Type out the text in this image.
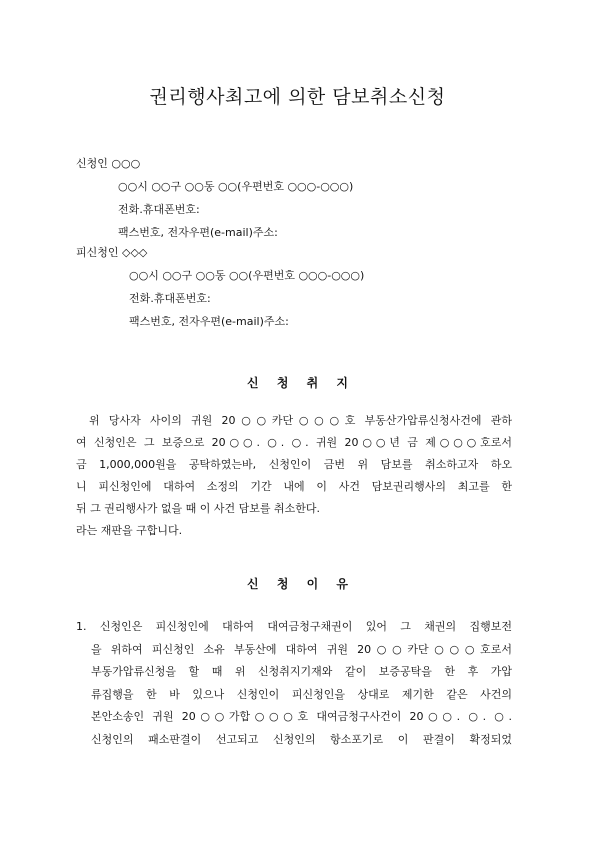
권리행사최고에 의한 담보취소신청
신청인 ○○○
○○시 ○○구 ○○동 ○○(우편번호 ○○○-○○○)
전화․휴대폰번호:
팩스번호, 전자우편(e-mail)주소:
피신청인 ◇◇◇
○○시 ○○구 ○○동 ○○(우편번호 ○○○-○○○)
전화․휴대폰번호:
팩스번호, 전자우편(e-mail)주소:
신 청 취 지
위 당사자 사이의 귀원 20○○카단○○○호 부동산가압류신청사건에 관하
여 신청인은 그 보증으로 20○○. ○. ○. 귀원 20○○년 금 제○○○호로서
금 1,000,000원을 공탁하였는바, 신청인이 금번 위 담보를 취소하고자 하오
니 피신청인에 대하여 소정의 기간 내에 이 사건 담보권리행사의 최고를 한
뒤 그 권리행사가 없을 때 이 사건 담보를 취소한다.
라는 재판을 구합니다.
신 청 이 유
1. 신청인은 피신청인에 대하여 대여금청구채권이 있어 그 채권의 집행보전
을 위하여 피신청인 소유 부동산에 대하여 귀원 20○○카단○○○호로서
부동가압류신청을 할 때 위 신청취지기재와 같이 보증공탁을 한 후 가압
류집행을 한 바 있으나 신청인이 피신청인을 상대로 제기한 같은 사건의
본안소송인 귀원 20○○가합○○○호 대여금청구사건이 20○○. ○. ○.
신청인의 패소판결이 선고되고 신청인의 항소포기로 이 판결이 확정되었
